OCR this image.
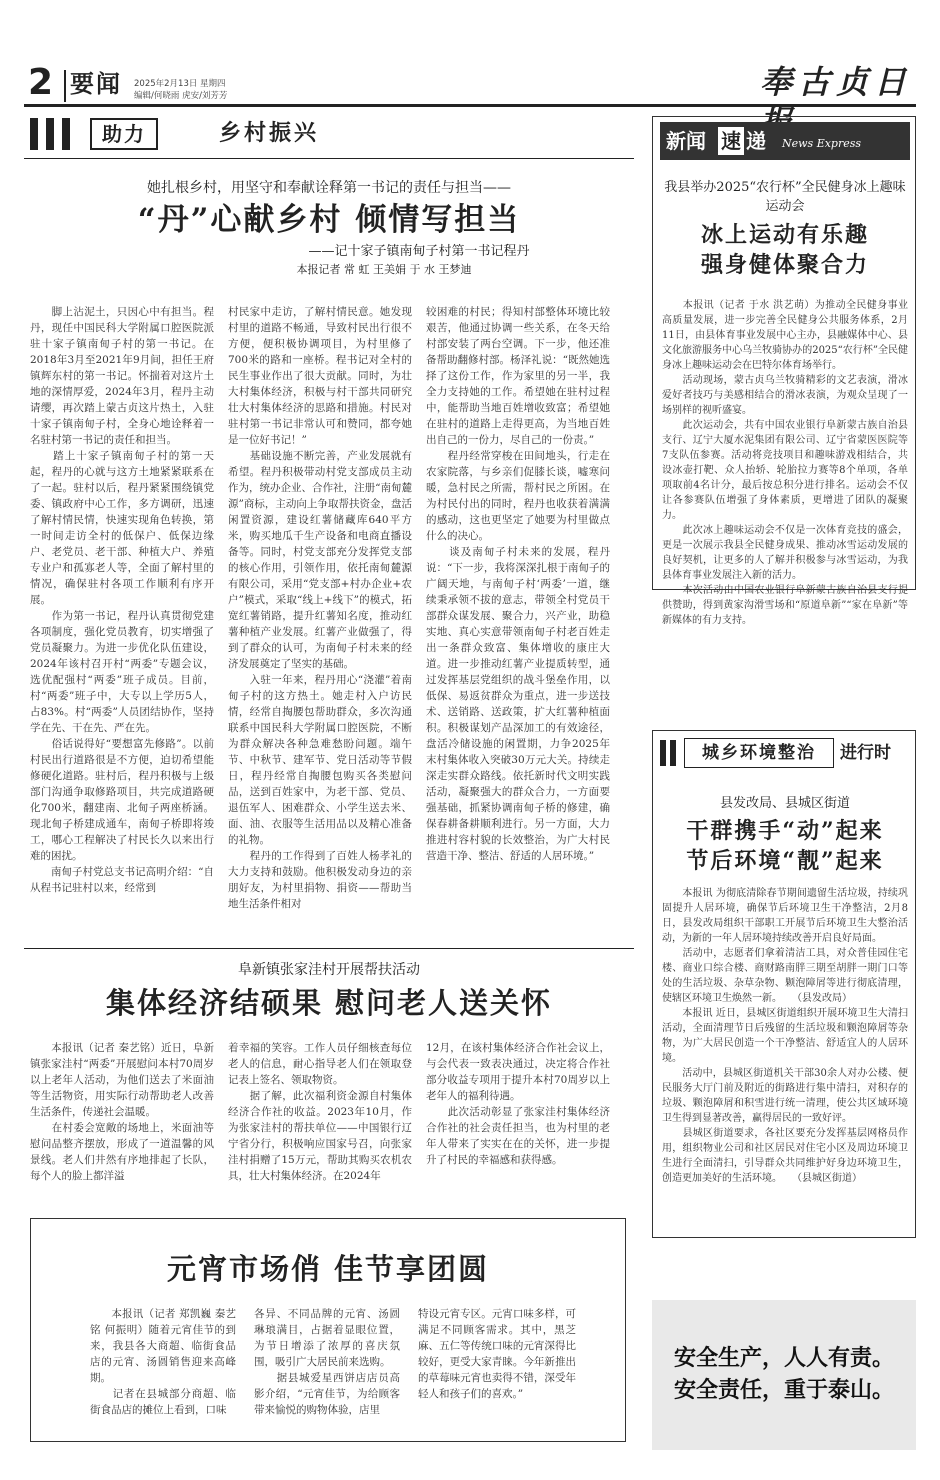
2 要闻 2025年2月13日 星期四
编辑/何晓雨 虎安/刘芳芳	奉古贞日
助力	乡村振兴
她扎根乡村，用坚守和奉献诠释第一书记的责任与担当——
“丹”心献乡村 倾情写担当
——记十家子镇南甸子村第一书记程丹
本报记者 常 虹 王美娟 于 水 王梦迪
　　脚上沾泥土，只因心中有担当。程丹，现任中国民科大学附属口腔医院派驻十家子镇南甸子村的第一书记。在2018年3月至2021年9月间，担任王府镇辉东村的第一书记。怀揣着对这片土地的深情厚爱，2024年3月，程丹主动请缨，再次踏上蒙古贞这片热土，入驻十家子镇南甸子村，全身心地诠释着一名驻村第一书记的责任和担当。
　　踏上十家子镇南甸子村的第一天起，程丹的心就与这方土地紧紧联系在了一起。驻村以后，程丹紧紧围绕镇党委、镇政府中心工作，多方调研，迅速了解村情民情，快速实现角色转换，第一时间走访全村的低保户、低保边缘户、老党员、老干部、种植大户、养殖专业户和孤寡老人等，全面了解村里的情况，确保驻村各项工作顺利有序开展。
　　作为第一书记，程丹认真贯彻党建各项制度，强化党员教育，切实增强了党员凝聚力。为进一步优化队伍建设，2024年该村召开村“两委”专题会议，选优配强村“两委”班子成员。目前，村“两委”班子中，大专以上学历5人，占83%。村“两委”人员团结协作，坚持学在先、干在先、严在先。
　　俗话说得好“要想富先修路”。以前村民出行道路很是不方便，迫切希望能修硬化道路。驻村后，程丹积极与上级部门沟通争取修路项目，共完成道路硬化700米，翻建南、北甸子两座桥涵。现北甸子桥建成通车，南甸子桥即将竣工，哪心工程解决了村民长久以来出行难的困扰。
　　南甸子村党总支书记高明介绍：“自从程书记驻村以来，经常到
村民家中走访，了解村情民意。她发现村里的道路不畅通，导致村民出行很不方便，便积极协调项目，为村里修了700米的路和一座桥。程书记对全村的民生事业作出了很大贡献。同时，为壮大村集体经济，积极与村干部共同研究壮大村集体经济的思路和措施。村民对驻村第一书记非常认可和赞同，都夸她是一位好书记！”
　　基础设施不断完善，产业发展就有希望。程丹积极带动村党支部成员主动作为，统办企业、合作社，注册“南甸麓源”商标，主动向上争取帮扶资金，盘活闲置资源，建设红薯储藏库640平方米，购买地瓜千生产设备和电商直播设备等。同时，村党支部充分发挥党支部的核心作用，引领作用，依托南甸麓源有限公司，采用“党支部+村办企业+农户”模式，采取“线上+线下”的模式，拓宽红薯销路，提升红薯知名度，推动红薯种植产业发展。红薯产业做强了，得到了群众的认可，为南甸子村未来的经济发展奠定了坚实的基础。
　　入驻一年来，程丹用心“浇灌”着南甸子村的这方热土。她走村入户访民情，经常自掏腰包帮助群众，多次沟通联系中国民科大学附属口腔医院，不断为群众解决各种急难愁盼问题。端午节、中秋节、建军节、党日活动等节假日，程丹经常自掏腰包购买各类慰问品，送到百姓家中，为老干部、党员、退伍军人、困难群众、小学生送去米、面、油、衣服等生活用品以及精心准备的礼物。
　　程丹的工作得到了百姓人杨孝礼的大力支持和鼓励。他积极发动身边的亲朋好友，为村里捐物、捐资——帮助当地生活条件相对
较困难的村民；得知村部整体环境比较艰苦，他通过协调一些关系，在冬天给村部安装了两台空调。下一步，他还准备帮助翻修村部。杨泽礼说：“既然她选择了这份工作，作为家里的另一半，我全力支持她的工作。希望她在驻村过程中，能帮助当地百姓增收致富；希望她在驻村的道路上走得更高，为当地百姓出自己的一份力，尽自己的一份责。”
　　程丹经常穿梭在田间地头，行走在农家院落，与乡亲们促膝长谈，嘘寒问暖，急村民之所需，帮村民之所困。在为村民付出的同时，程丹也收获着满满的感动，这也更坚定了她要为村里做点什么的决心。
　　谈及南甸子村未来的发展，程丹说：“下一步，我将深深扎根于南甸子的广阔天地，与南甸子村‘两委’一道，继续秉承领不拔的意志，带领全村党员干部群众谋发展、聚合力，兴产业，助稳实地、真心实意带领南甸子村老百姓走出一条群众致富、集体增收的康庄大道。进一步推动红薯产业提质转型，通过发挥基层党组织的战斗堡垒作用，以低保、易返贫群众为重点，进一步送技术、送销路、送政策，扩大红薯种植面积。积极谋划产品深加工的有效途径，盘活冷储设施的闲置期，力争2025年末村集体收入突破30万元大关。持续走深走实群众路线。依托新时代文明实践活动，凝聚强大的群众合力，一方面要强基础，抓紧协调南甸子桥的修建，确保春耕备耕顺利进行。另一方面，大力推进村容村貌的长效整治，为广大村民营造干净、整洁、舒适的人居环境。”
阜新镇张家洼村开展帮扶活动
集体经济结硕果 慰问老人送关怀
　　本报讯（记者 秦艺铭）近日，阜新镇张家洼村“两委”开展慰问本村70周岁以上老年人活动，为他们送去了米面油等生活物资，用实际行动帮助老人改善生活条件，传递社会温暖。
　　在村委会宽敞的场地上，米面油等慰问品整齐摆放，形成了一道温馨的风景线。老人们井然有序地排起了长队，每个人的脸上都洋溢
着幸福的笑容。工作人员仔细核查每位老人的信息，耐心指导老人们在领取登记表上签名、领取物资。
　　据了解，此次福利资金源自村集体经济合作社的收益。2023年10月，作为张家洼村的帮扶单位——中国银行辽宁省分行，积极响应国家号召，向张家洼村捐赠了15万元，帮助其购买农机农具，壮大村集体经济。在2024年
12月，在该村集体经济合作社会议上，与会代表一致表决通过，决定将合作社部分收益专项用于提升本村70周岁以上老年人的福利待遇。
　　此次活动彰显了张家洼村集体经济合作社的社会责任担当，也为村里的老年人带来了实实在在的关怀，进一步提升了村民的幸福感和获得感。
元宵市场俏 佳节享团圆
　　本报讯（记者 郑凯巍 秦艺铭 何振明）随着元宵佳节的到来，我县各大商超、临街食品店的元宵、汤圆销售迎来高峰期。
　　记者在县城部分商超、临街食品店的摊位上看到，口味
各异、不同品牌的元宵、汤圆琳琅满目，占据着显眼位置，为节日增添了浓厚的喜庆氛围，吸引广大居民前来选购。
　　据县城爱星西饼店店员高影介绍，“元宵佳节，为给顾客带来愉悦的购物体验，店里
特设元宵专区。元宵口味多样，可满足不同顾客需求。其中，黑芝麻、五仁等传统口味的元宵深得比较好，更受大家青睐。今年新推出的草莓味元宵也卖得不错，深受年轻人和孩子们的喜欢。”
新闻 速 递 News Express
我县举办2025“农行杯”全民健身冰上趣味运动会
冰上运动有乐趣
强身健体聚合力
　　本报讯（记者 于水 洪艺萌）为推动全民健身事业高质量发展，进一步完善全民健身公共服务体系，2月11日，由县体育事业发展中心主办，县融媒体中心、县文化旅游服务中心乌兰牧骑协办的2025“农行杯”全民健身冰上趣味运动会在巴特尔体育场举行。
　　活动现场，蒙古贞乌兰牧骑精彩的文艺表演，滑冰爱好者技巧与美感相结合的滑冰表演，为观众呈现了一场别样的视听盛宴。
　　此次运动会，共有中国农业银行阜新蒙古族自治县支行、辽宁大厦水泥集团有限公司、辽宁省蒙医医院等7支队伍参赛。活动将竞技项目和趣味游戏相结合，共设冰壶打靶、众人抬轿、轮胎拉力赛等8个单项，各单项取前4名计分，最后按总积分进行排名。运动会不仅让各参赛队伍增强了身体素质，更增进了团队的凝聚力。
　　此次冰上趣味运动会不仅是一次体育竞技的盛会，更是一次展示我县全民健身成果、推动冰雪运动发展的良好契机，让更多的人了解并积极参与冰雪运动，为我县体育事业发展注入新的活力。
　　本次活动由中国农业银行阜新蒙古族自治县支行提供赞助，得到黄家沟滑雪场和“原道阜新”“家在阜新”等新媒体的有力支持。
城乡环境整治	进行时
县发改局、县城区街道
干群携手“动”起来
节后环境“靓”起来
　　本报讯 为彻底清除春节期间遗留生活垃圾，持续巩固提升人居环境，确保节后环境卫生干净整洁，2月8日，县发改局组织干部职工开展节后环境卫生大整治活动，为新的一年人居环境持续改善开启良好局面。
　　活动中，志愿者们拿着清洁工具，对众普佳园住宅楼、商业口综合楼、商财路南胖三期至胡胖一期门口等处的生活垃圾、杂草杂物、颗泡障屑等进行彻底清理，使辖区环境卫生焕然一新。　　（县发改局）
　　本报讯 近日，县城区街道组织开展环境卫生大清扫活动，全面清理节日后残留的生活垃圾和颗泡障屑等杂物，为广大居民创造一个干净整洁、舒适宜人的人居环境。
　　活动中，县城区街道机关干部30余人对办公楼、便民服务大厅门前及附近的街路进行集中清扫，对积存的垃圾、颗泡障屑和积雪进行统一清理，使公共区域环境卫生得到显著改善，赢得居民的一致好评。
　　县城区街道要求，各社区要充分发挥基层网格员作用，组织物业公司和社区居民对住宅小区及周边环境卫生进行全面清扫，引导群众共同维护好身边环境卫生，创造更加美好的生活环境。　　（县城区街道）
安全生产，人人有责。
安全责任，重于泰山。
